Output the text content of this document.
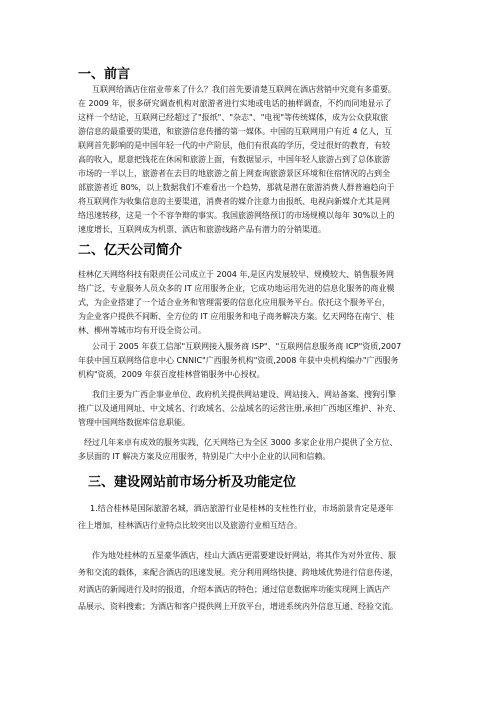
一、前言
互联网给酒店住宿业带来了什么？我们首先要清楚互联网在酒店营销中究竟有多重要。
在 2009 年，很多研究调查机构对旅游者进行实地或电话的抽样调查，不约而同地显示了
这样一个结论，互联网已经超过了"报纸"、"杂志"、"电视"等传统媒体，成为公众获取旅
游信息的最重要的渠道，和旅游信息传播的第一媒体。中国的互联网用户有近 4 亿人，互
联网首先影响的是中国年轻一代的中产阶层，他们有很高的学历，受过很好的教育，有较
高的收入，愿意把钱花在休闲和旅游上面，有数据显示，中国年轻人旅游占到了总体旅游
市场的一半以上，旅游者在去目的地旅游之前上网查询旅游景区环境和住宿情况的占到全
部旅游者近 80%，以上数据我们不难看出一个趋势，那就是潜在旅游消费人群普遍趋向于
将互联网作为收集信息的主要渠道，消费者的媒介注意力由报纸、电视向新媒介尤其是网
络迅速转移，这是一个不容争辩的事实。我国旅游网络预订的市场规模以每年 30%以上的
速度增长，互联网成为机票、酒店和旅游线路产品有潜力的分销渠道。
二、亿天公司简介
桂林亿天网络科技有限责任公司成立于 2004 年,是区内发展较早、规模较大、销售服务网
络广泛、专业服务人员众多的 IT 应用服务企业，它成功地运用先进的信息化服务的商业模
式，为企业搭建了一个适合业务和管理需要的信息化应用服务平台。依托这个服务平台，
为企业客户提供不间断、全方位的 IT 应用服务和电子商务解决方案。亿天网络在南宁、桂
林、柳州等城市均有开设全资公司。
公司于 2005 年获工信部"互联网接入服务商 ISP"、"互联网信息服务商 ICP"资质,2007
年获中国互联网络信息中心 CNNIC"广西服务机构"资质,2008 年获中央机构编办"广西服务
机构"资质，2009 年获百度桂林营销服务中心授权。
我们主要为广西企事业单位、政府机关提供网站建设、网站接入、网站备案、搜狗引擎
推广以及通用网址、中文域名、行政域名、公益域名的运营注册,承担广西地区维护、补充、
管理中国网络数据库信息职能。
经过几年来卓有成效的服务实践，亿天网络已为全区 3000 多家企业用户提供了全方位、
多层面的 IT 解决方案及应用服务，特别是广大中小企业的认同和信赖。
三、建设网站前市场分析及功能定位
1.结合桂林是国际旅游名城，酒店旅游行业是桂林的支柱性行业，市场前景肯定是逐年
往上增加，桂林酒店行业特点比较突出以及旅游行业相互结合。
作为地处桂林的五星豪华酒店，桂山大酒店更需要建设好网站，将其作为对外宣传、服
务和交流的载体，来配合酒店的迅速发展。充分利用网络快捷、跨地域优势进行信息传递，
对酒店的新闻进行及时的报道，介绍本酒店的特色；通过信息数据库功能实现网上酒店产
品展示、资料搜索；为酒店和客户提供网上开放平台，增进系统内外信息互通、经验交流。
